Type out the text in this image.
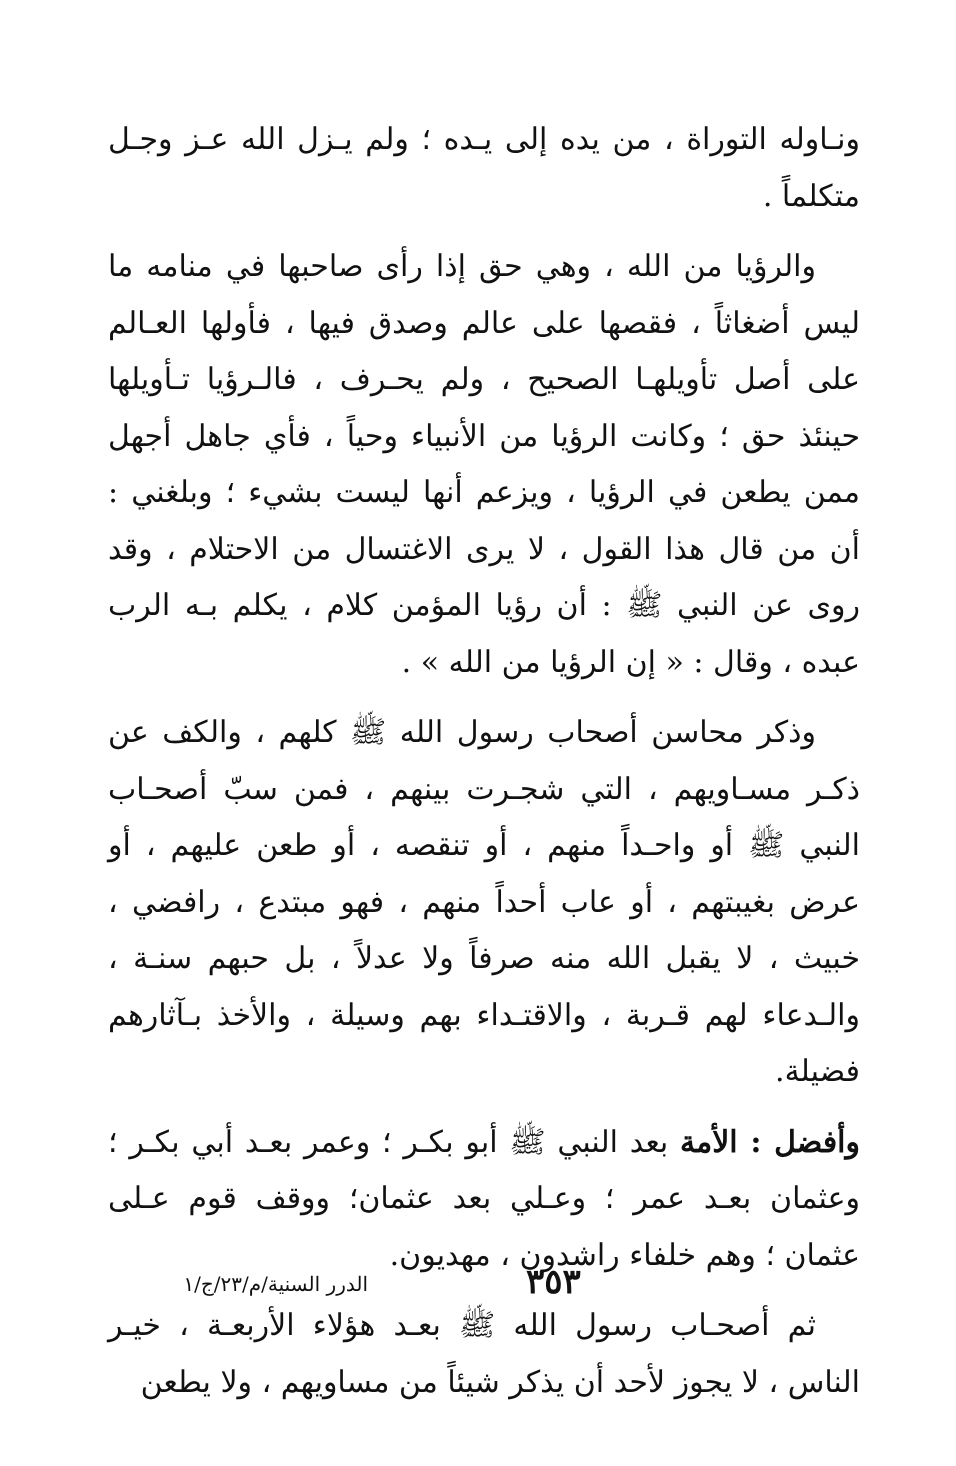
ونـاوله التوراة ، من يده إلى يـده ؛ ولم يـزل الله عـز وجـل متكلماً .

والرؤيا من الله ، وهي حق إذا رأى صاحبها في منامه ما ليس أضغاثاً ، فقصها على عالم وصدق فيها ، فأولها العـالم على أصل تأويلهـا الصحيح ، ولم يحـرف ، فالـرؤيا تـأويلها حينئذ حق ؛ وكانت الرؤيا من الأنبياء وحياً ، فأي جاهل أجهل ممن يطعن في الرؤيا ، ويزعم أنها ليست بشيء ؛ وبلغني : أن من قال هذا القول ، لا يرى الاغتسال من الاحتلام ، وقد روى عن النبي ﷺ : أن رؤيا المؤمن كلام ، يكلم بـه الرب عبده ، وقال : « إن الرؤيا من الله » .

وذكر محاسن أصحاب رسول الله ﷺ كلهم ، والكف عن ذكـر مسـاويهم ، التي شجـرت بينهم ، فمن سبّ أصحـاب النبي ﷺ أو واحـداً منهم ، أو تنقصه ، أو طعن عليهم ، أو عرض بغيبتهم ، أو عاب أحداً منهم ، فهو مبتدع ، رافضي ، خبيث ، لا يقبل الله منه صرفاً ولا عدلاً ، بل حبهم سنـة ، والـدعاء لهم قـربة ، والاقتـداء بهم وسيلة ، والأخذ بـآثارهم فضيلة.

وأفضل : الأمة بعد النبي ﷺ أبو بكـر ؛ وعمر بعـد أبي بكـر ؛ وعثمان بعـد عمر ؛ وعـلي بعد عثمان؛ ووقف قوم عـلى عثمان ؛ وهم خلفاء راشدون ، مهديون.

ثم أصحـاب رسول الله ﷺ بعـد هؤلاء الأربعـة ، خيـر الناس ، لا يجوز لأحد أن يذكر شيئاً من مساويهم ، ولا يطعن

٣٥٣
الدرر السنية/م/٢٣/ج/١
